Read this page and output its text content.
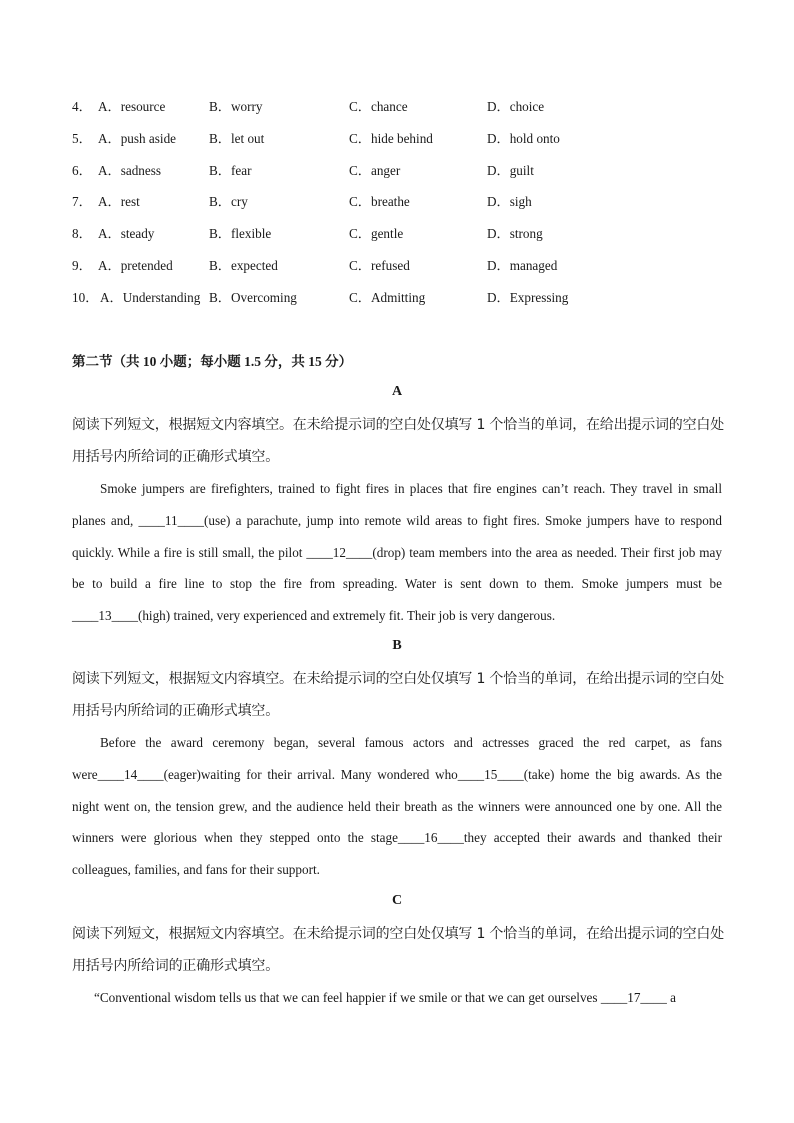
4． A．resource	B．worry	C．chance	D．choice
5． A．push aside B．let out	C．hide behind	D．hold onto
6． A．sadness	B．fear	C．anger	D．guilt
7． A．rest	B．cry	C．breathe	D．sigh
8． A．steady	B．flexible	C．gentle	D．strong
9． A．pretended	B．expected	C．refused	D．managed
10． A．Understanding B．Overcoming	C．Admitting	D．Expressing
第二节（共 10 小题；每小题 1.5 分，共 15 分）
A
阅读下列短文，根据短文内容填空。在未给提示词的空白处仅填写 1 个恰当的单词，在给出提示词的空白处用括号内所给词的正确形式填空。
Smoke jumpers are firefighters, trained to fight fires in places that fire engines can’t reach. They travel in small planes and, ____11____(use) a parachute, jump into remote wild areas to fight fires. Smoke jumpers have to respond quickly. While a fire is still small, the pilot ____12____(drop) team members into the area as needed. Their first job may be to build a fire line to stop the fire from spreading. Water is sent down to them. Smoke jumpers must be ____13____(high) trained, very experienced and extremely fit. Their job is very dangerous.
B
阅读下列短文，根据短文内容填空。在未给提示词的空白处仅填写 1 个恰当的单词，在给出提示词的空白处用括号内所给词的正确形式填空。
Before the award ceremony began, several famous actors and actresses graced the red carpet, as fans were____14____(eager)waiting for their arrival. Many wondered who____15____(take) home the big awards. As the night went on, the tension grew, and the audience held their breath as the winners were announced one by one. All the winners were glorious when they stepped onto the stage____16____they accepted their awards and thanked their colleagues, families, and fans for their support.
C
阅读下列短文，根据短文内容填空。在未给提示词的空白处仅填写 1 个恰当的单词，在给出提示词的空白处用括号内所给词的正确形式填空。
“Conventional wisdom tells us that we can feel happier if we smile or that we can get ourselves ____17____ a
